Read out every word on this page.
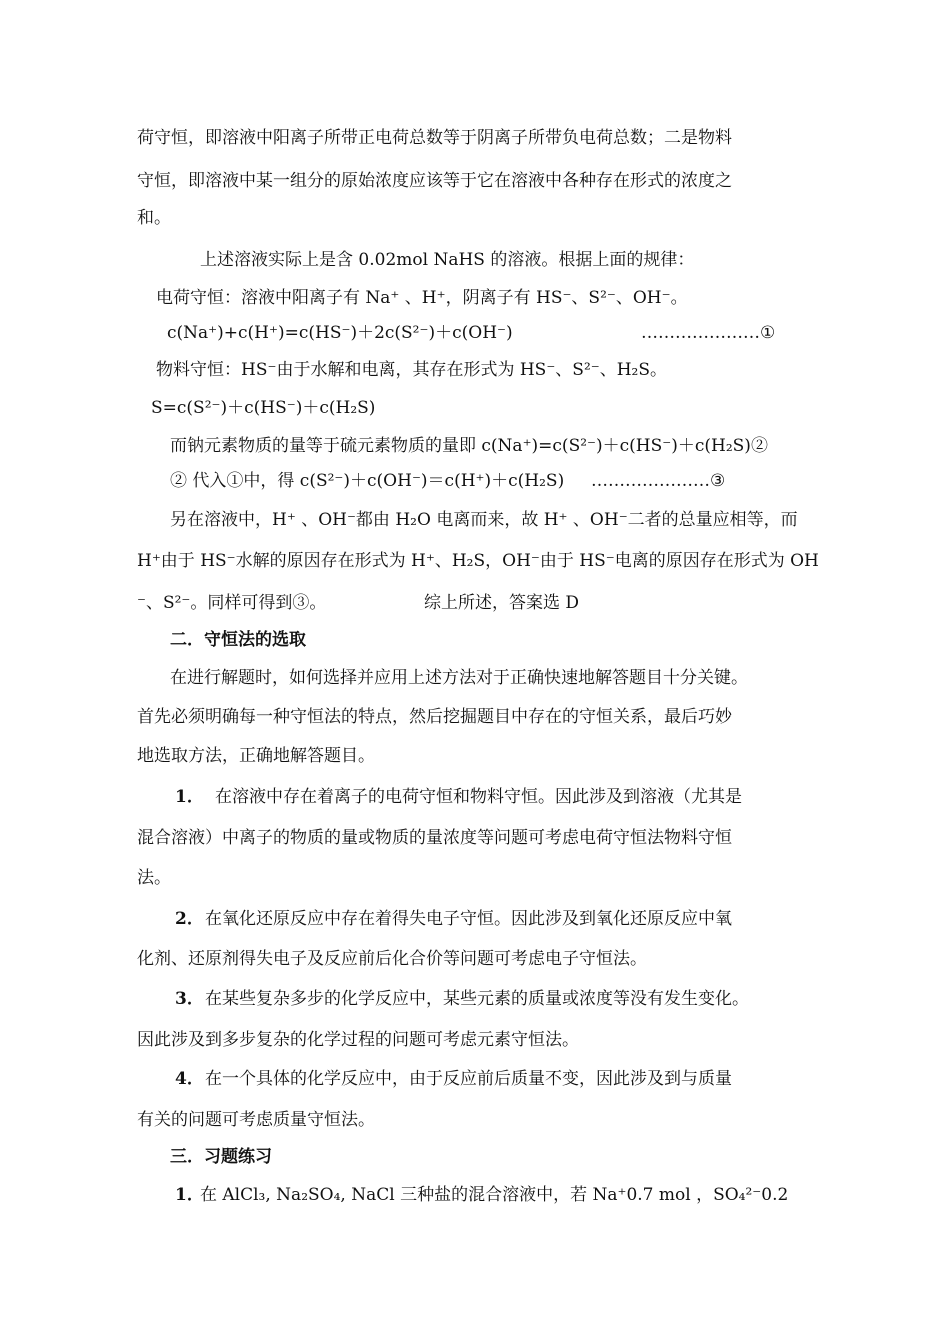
荷守恒，即溶液中阳离子所带正电荷总数等于阴离子所带负电荷总数；二是物料
守恒，即溶液中某一组分的原始浓度应该等于它在溶液中各种存在形式的浓度之
和。
上述溶液实际上是含 0.02mol NaHS 的溶液。根据上面的规律：
电荷守恒：溶液中阳离子有 Na⁺ 、H⁺，阴离子有 HS⁻、S²⁻、OH⁻。
c(Na⁺)+c(H⁺)=c(HS⁻)＋2c(S²⁻)＋c(OH⁻)	…………………①
物料守恒：HS⁻由于水解和电离，其存在形式为 HS⁻、S²⁻、H₂S。
S=c(S²⁻)＋c(HS⁻)＋c(H₂S)
而钠元素物质的量等于硫元素物质的量即 c(Na⁺)=c(S²⁻)＋c(HS⁻)＋c(H₂S)②
② 代入①中，得 c(S²⁻)＋c(OH⁻)＝c(H⁺)＋c(H₂S) …………………③
另在溶液中，H⁺ 、OH⁻都由 H₂O 电离而来，故 H⁺ 、OH⁻二者的总量应相等，而
H⁺由于 HS⁻水解的原因存在形式为 H⁺、H₂S，OH⁻由于 HS⁻电离的原因存在形式为 OH
⁻、S²⁻。同样可得到③。	综上所述，答案选 D
二．守恒法的选取
在进行解题时，如何选择并应用上述方法对于正确快速地解答题目十分关键。
首先必须明确每一种守恒法的特点，然后挖掘题目中存在的守恒关系，最后巧妙
地选取方法，正确地解答题目。
1． 在溶液中存在着离子的电荷守恒和物料守恒。因此涉及到溶液（尤其是
混合溶液）中离子的物质的量或物质的量浓度等问题可考虑电荷守恒法物料守恒
法。
2． 在氧化还原反应中存在着得失电子守恒。因此涉及到氧化还原反应中氧
化剂、还原剂得失电子及反应前后化合价等问题可考虑电子守恒法。
3． 在某些复杂多步的化学反应中，某些元素的质量或浓度等没有发生变化。
因此涉及到多步复杂的化学过程的问题可考虑元素守恒法。
4． 在一个具体的化学反应中，由于反应前后质量不变，因此涉及到与质量
有关的问题可考虑质量守恒法。
三．习题练习
1．
在 AlCl₃, Na₂SO₄, NaCl 三种盐的混合溶液中，若 Na⁺0.7 mol ，SO₄²⁻0.2
